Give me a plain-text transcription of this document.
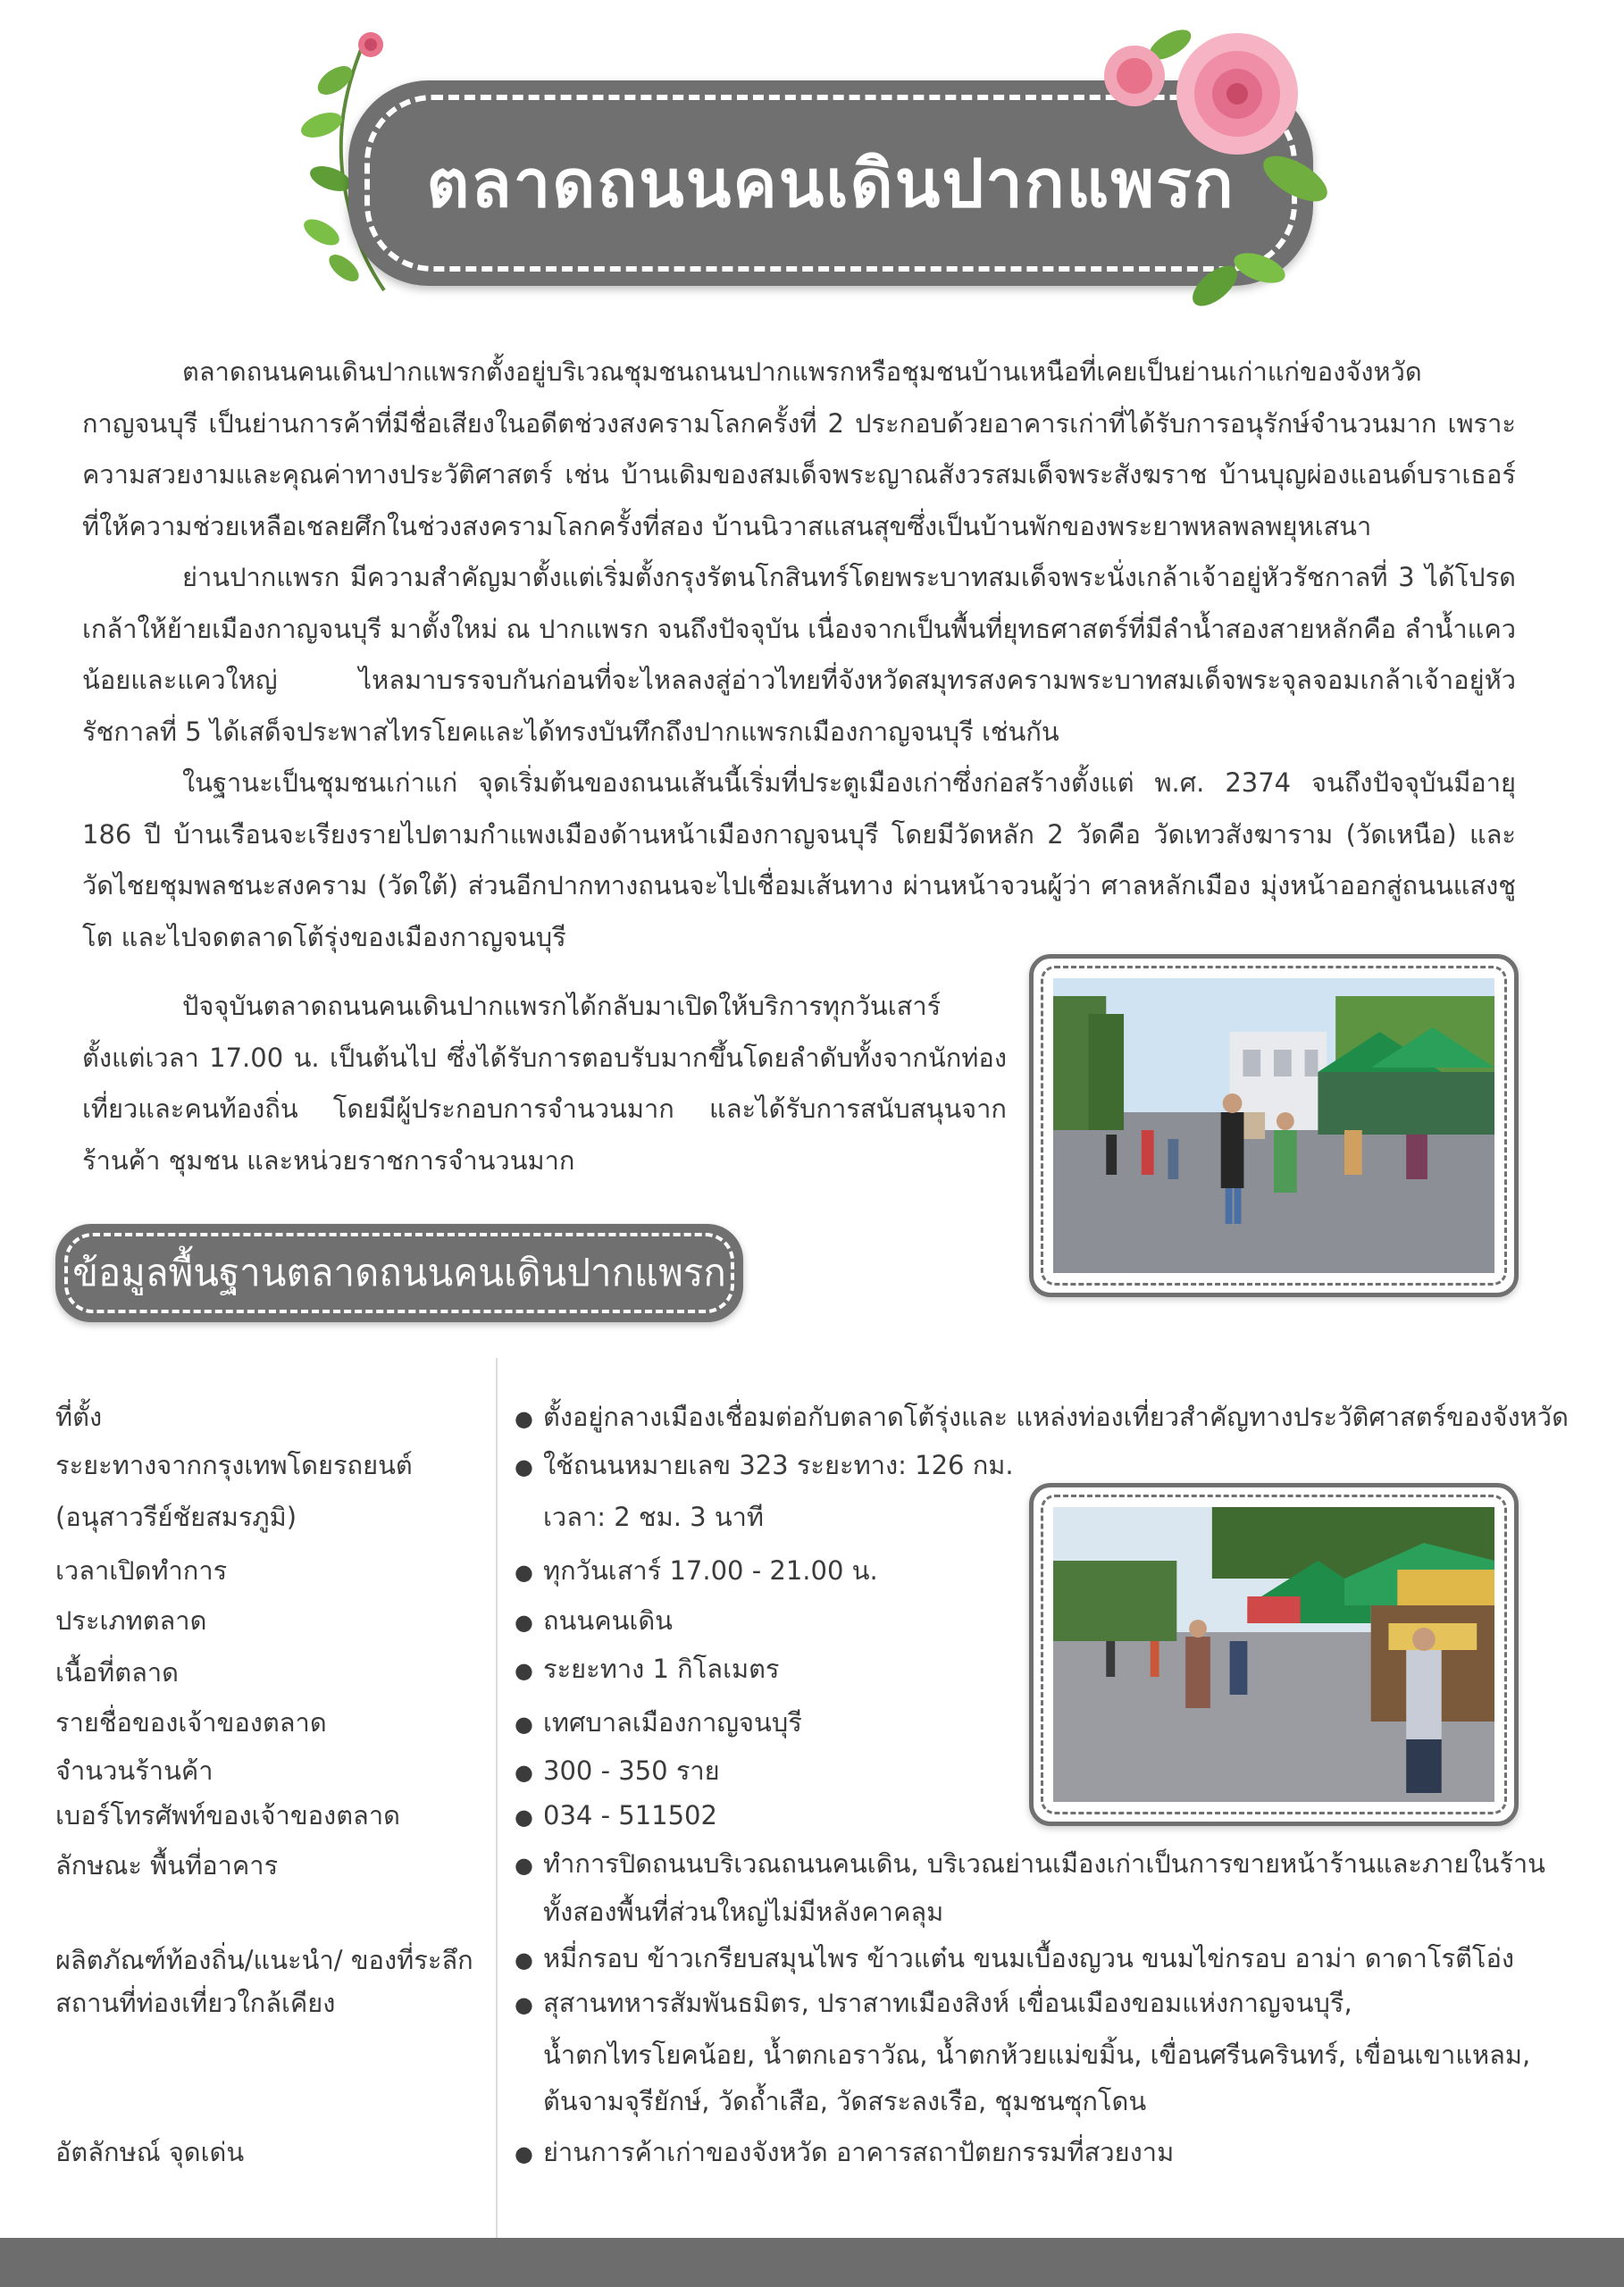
ตลาดถนนคนเดินปากแพรก

ตลาดถนนคนเดินปากแพรกตั้งอยู่บริเวณชุมชนถนนปากแพรกหรือชุมชนบ้านเหนือที่เคยเป็นย่านเก่าแก่ของจังหวัดกาญจนบุรี เป็นย่านการค้าที่มีชื่อเสียงในอดีตช่วงสงครามโลกครั้งที่ 2 ประกอบด้วยอาคารเก่าที่ได้รับการอนุรักษ์จำนวนมาก เพราะความสวยงามและคุณค่าทางประวัติศาสตร์ เช่น บ้านเดิมของสมเด็จพระญาณสังวรสมเด็จพระสังฆราช บ้านบุญผ่องแอนด์บราเธอร์ที่ให้ความช่วยเหลือเชลยศึกในช่วงสงครามโลกครั้งที่สอง บ้านนิวาสแสนสุขซึ่งเป็นบ้านพักของพระยาพหลพลพยุหเสนา

ย่านปากแพรก มีความสำคัญมาตั้งแต่เริ่มตั้งกรุงรัตนโกสินทร์โดยพระบาทสมเด็จพระนั่งเกล้าเจ้าอยู่หัวรัชกาลที่ 3 ได้โปรดเกล้าให้ย้ายเมืองกาญจนบุรี มาตั้งใหม่ ณ ปากแพรก จนถึงปัจจุบัน เนื่องจากเป็นพื้นที่ยุทธศาสตร์ที่มีลำน้ำสองสายหลักคือ ลำน้ำแควน้อยและแควใหญ่ ไหลมาบรรจบกันก่อนที่จะไหลลงสู่อ่าวไทยที่จังหวัดสมุทรสงครามพระบาทสมเด็จพระจุลจอมเกล้าเจ้าอยู่หัวรัชกาลที่ 5 ได้เสด็จประพาสไทรโยคและได้ทรงบันทึกถึงปากแพรกเมืองกาญจนบุรี เช่นกัน

ในฐานะเป็นชุมชนเก่าแก่ จุดเริ่มต้นของถนนเส้นนี้เริ่มที่ประตูเมืองเก่าซึ่งก่อสร้างตั้งแต่ พ.ศ. 2374 จนถึงปัจจุบันมีอายุ 186 ปี บ้านเรือนจะเรียงรายไปตามกำแพงเมืองด้านหน้าเมืองกาญจนบุรี โดยมีวัดหลัก 2 วัดคือ วัดเทวสังฆาราม (วัดเหนือ) และ วัดไชยชุมพลชนะสงคราม (วัดใต้) ส่วนอีกปากทางถนนจะไปเชื่อมเส้นทาง ผ่านหน้าจวนผู้ว่า ศาลหลักเมือง มุ่งหน้าออกสู่ถนนแสงชูโต และไปจดตลาดโต้รุ่งของเมืองกาญจนบุรี

ปัจจุบันตลาดถนนคนเดินปากแพรกได้กลับมาเปิดให้บริการทุกวันเสาร์ ตั้งแต่เวลา 17.00 น. เป็นต้นไป ซึ่งได้รับการตอบรับมากขึ้นโดยลำดับทั้งจากนักท่องเที่ยวและคนท้องถิ่น โดยมีผู้ประกอบการจำนวนมาก และได้รับการสนับสนุนจาก ร้านค้า ชุมชน และหน่วยราชการจำนวนมาก

ข้อมูลพื้นฐานตลาดถนนคนเดินปากแพรก
ที่ตั้ง	● ตั้งอยู่กลางเมืองเชื่อมต่อกับตลาดโต้รุ่งและ แหล่งท่องเที่ยวสำคัญทางประวัติศาสตร์ของจังหวัด
ระยะทางจากกรุงเทพโดยรถยนต์	● ใช้ถนนหมายเลข 323 ระยะทาง: 126 กม.
(อนุสาวรีย์ชัยสมรภูมิ)	เวลา: 2 ชม. 3 นาที
เวลาเปิดทำการ	● ทุกวันเสาร์ 17.00 - 21.00 น.
ประเภทตลาด	● ถนนคนเดิน
เนื้อที่ตลาด	● ระยะทาง 1 กิโลเมตร
รายชื่อของเจ้าของตลาด	● เทศบาลเมืองกาญจนบุรี
จำนวนร้านค้า	● 300 - 350 ราย
เบอร์โทรศัพท์ของเจ้าของตลาด	● 034 - 511502
ลักษณะ พื้นที่อาคาร	● ทำการปิดถนนบริเวณถนนคนเดิน, บริเวณย่านเมืองเก่าเป็นการขายหน้าร้านและภายในร้าน
ทั้งสองพื้นที่ส่วนใหญ่ไม่มีหลังคาคลุม
ผลิตภัณฑ์ท้องถิ่น/แนะนำ/ ของที่ระลึก ● หมี่กรอบ ข้าวเกรียบสมุนไพร ข้าวแต๋น ขนมเบื้องญวน ขนมไข่กรอบ อาม่า ดาดาโรตีโอ่ง
สถานที่ท่องเที่ยวใกล้เคียง	● สุสานทหารสัมพันธมิตร, ปราสาทเมืองสิงห์ เขื่อนเมืองขอมแห่งกาญจนบุรี,
น้ำตกไทรโยคน้อย, น้ำตกเอราวัณ, น้ำตกห้วยแม่ขมิ้น, เขื่อนศรีนครินทร์, เขื่อนเขาแหลม,
ต้นจามจุรียักษ์, วัดถ้ำเสือ, วัดสระลงเรือ, ชุมชนซุกโดน
อัตลักษณ์ จุดเด่น	● ย่านการค้าเก่าของจังหวัด อาคารสถาปัตยกรรมที่สวยงาม
